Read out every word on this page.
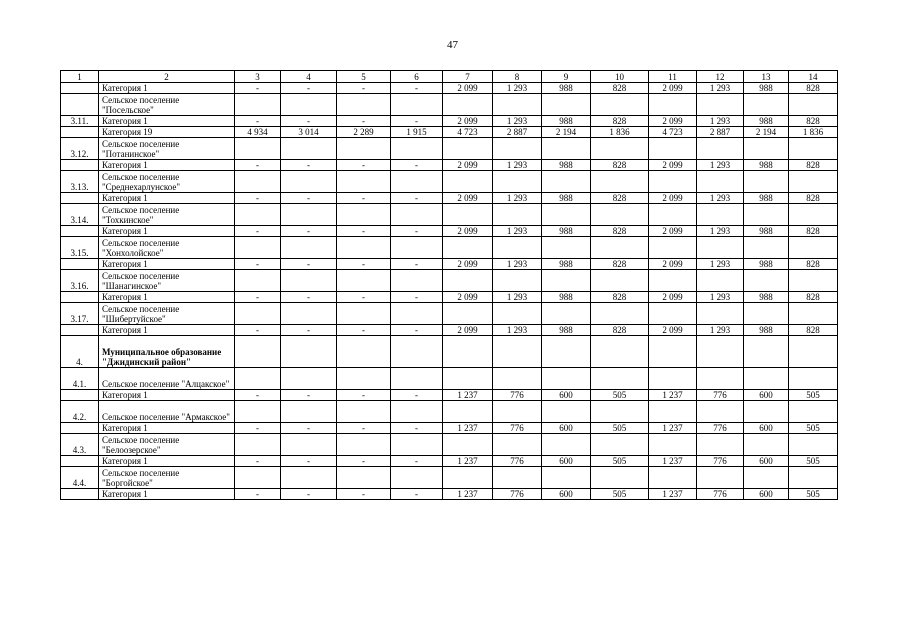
47
1	2	3	4	5	6	7	8	9	10	11	12	13	14
	Категория 1	-	-	-	-	2 099	1 293	988	828	2 099	1 293	988	828
	Сельское поселение "Посельское"												
3.11.	Категория 1	-	-	-	-	2 099	1 293	988	828	2 099	1 293	988	828
	Категория 19	4 934	3 014	2 289	1 915	4 723	2 887	2 194	1 836	4 723	2 887	2 194	1 836
3.12.	Сельское поселение "Потанинское"												
	Категория 1	-	-	-	-	2 099	1 293	988	828	2 099	1 293	988	828
3.13.	Сельское поселение "Среднехарлунское"												
	Категория 1	-	-	-	-	2 099	1 293	988	828	2 099	1 293	988	828
3.14.	Сельское поселение "Тохкинское"												
	Категория 1	-	-	-	-	2 099	1 293	988	828	2 099	1 293	988	828
3.15.	Сельское поселение "Хонхолойское"												
	Категория 1	-	-	-	-	2 099	1 293	988	828	2 099	1 293	988	828
3.16.	Сельское поселение "Шанагинское"												
	Категория 1	-	-	-	-	2 099	1 293	988	828	2 099	1 293	988	828
3.17.	Сельское поселение "Шибертуйское"												
	Категория 1	-	-	-	-	2 099	1 293	988	828	2 099	1 293	988	828
4.	Муниципальное образование "Джидинский район"												
4.1.	Сельское поселение "Алцакское"												
	Категория 1	-	-	-	-	1 237	776	600	505	1 237	776	600	505
4.2.	Сельское поселение "Армакское"												
	Категория 1	-	-	-	-	1 237	776	600	505	1 237	776	600	505
4.3.	Сельское поселение "Белоозерское"												
	Категория 1	-	-	-	-	1 237	776	600	505	1 237	776	600	505
4.4.	Сельское поселение "Боргойское"												
	Категория 1	-	-	-	-	1 237	776	600	505	1 237	776	600	505
